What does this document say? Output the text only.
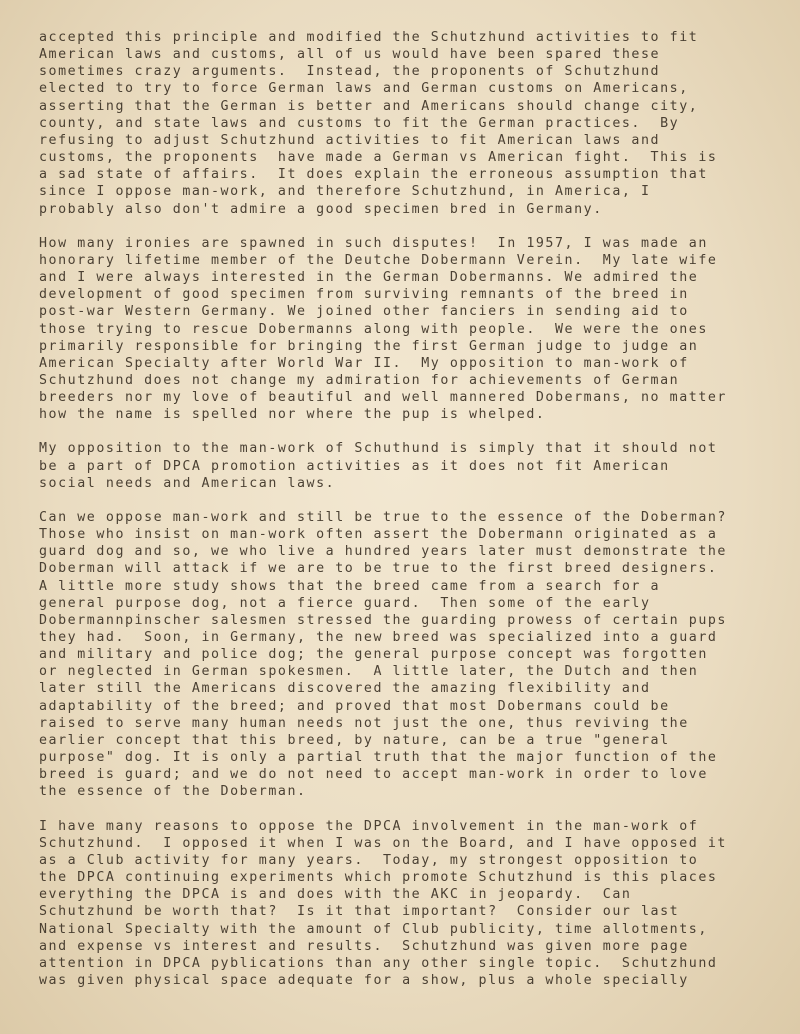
accepted this principle and modified the Schutzhund activities to fit
American laws and customs, all of us would have been spared these
sometimes crazy arguments.  Instead, the proponents of Schutzhund
elected to try to force German laws and German customs on Americans,
asserting that the German is better and Americans should change city,
county, and state laws and customs to fit the German practices.  By
refusing to adjust Schutzhund activities to fit American laws and
customs, the proponents  have made a German vs American fight.  This is
a sad state of affairs.  It does explain the erroneous assumption that
since I oppose man-work, and therefore Schutzhund, in America, I
probably also don't admire a good specimen bred in Germany.
How many ironies are spawned in such disputes!  In 1957, I was made an
honorary lifetime member of the Deutche Dobermann Verein.  My late wife
and I were always interested in the German Dobermanns. We admired the
development of good specimen from surviving remnants of the breed in
post-war Western Germany. We joined other fanciers in sending aid to
those trying to rescue Dobermanns along with people.  We were the ones
primarily responsible for bringing the first German judge to judge an
American Specialty after World War II.  My opposition to man-work of
Schutzhund does not change my admiration for achievements of German
breeders nor my love of beautiful and well mannered Dobermans, no matter
how the name is spelled nor where the pup is whelped.
My opposition to the man-work of Schuthund is simply that it should not
be a part of DPCA promotion activities as it does not fit American
social needs and American laws.
Can we oppose man-work and still be true to the essence of the Doberman?
Those who insist on man-work often assert the Dobermann originated as a
guard dog and so, we who live a hundred years later must demonstrate the
Doberman will attack if we are to be true to the first breed designers.
A little more study shows that the breed came from a search for a
general purpose dog, not a fierce guard.  Then some of the early
Dobermannpinscher salesmen stressed the guarding prowess of certain pups
they had.  Soon, in Germany, the new breed was specialized into a guard
and military and police dog; the general purpose concept was forgotten
or neglected in German spokesmen.  A little later, the Dutch and then
later still the Americans discovered the amazing flexibility and
adaptability of the breed; and proved that most Dobermans could be
raised to serve many human needs not just the one, thus reviving the
earlier concept that this breed, by nature, can be a true "general
purpose" dog. It is only a partial truth that the major function of the
breed is guard; and we do not need to accept man-work in order to love
the essence of the Doberman.
I have many reasons to oppose the DPCA involvement in the man-work of
Schutzhund.  I opposed it when I was on the Board, and I have opposed it
as a Club activity for many years.  Today, my strongest opposition to
the DPCA continuing experiments which promote Schutzhund is this places
everything the DPCA is and does with the AKC in jeopardy.  Can
Schutzhund be worth that?  Is it that important?  Consider our last
National Specialty with the amount of Club publicity, time allotments,
and expense vs interest and results.  Schutzhund was given more page
attention in DPCA pyblications than any other single topic.  Schutzhund
was given physical space adequate for a show, plus a whole specially
